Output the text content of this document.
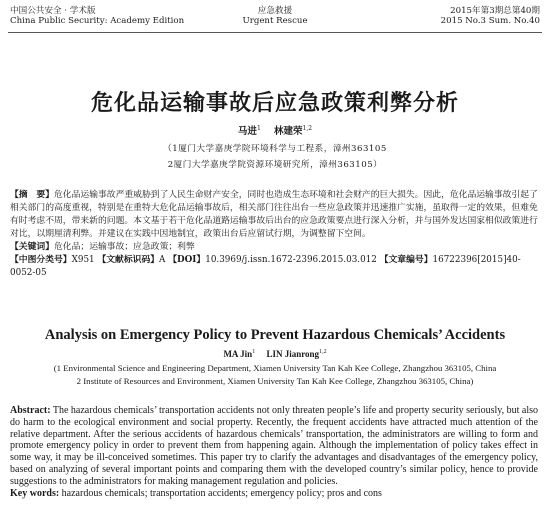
中国公共安全 · 学术版
China Public Security: Academy Edition
应急救援
Urgent Rescue
2015年第3期总第40期
2015 No.3 Sum. No.40
危化品运输事故后应急政策利弊分析
马进$^1$ 林建荣$^{1,2}$
（1厦门大学嘉庚学院环境科学与工程系，漳州363105
2厦门大学嘉庚学院资源环境研究所，漳州363105）

【摘　要】危化品运输事故严重威胁到了人民生命财产安全，同时也造成生态环境和社会财产的巨大损失。因此，危化品运输事故引起了相关部门的高度重视，特别是在重特大危化品运输事故后，相关部门往往出台一些应急政策并迅速推广实施，虽取得一定的效果，但难免有时考虑不周，带来新的问题。本文基于若干危化品道路运输事故后出台的应急政策要点进行深入分析，并与国外发达国家相似政策进行对比，以期厘清利弊。并建议在实践中因地制宜，政策出台后应留试行期，为调整留下空间。

【关键词】危化品；运输事故；应急政策；利弊

【中图分类号】X951 【文献标识码】A 【DOI】10.3969/j.issn.1672-2396.2015.03.012 【文章编号】16722396[2015]40-0052-05

Analysis on Emergency Policy to Prevent Hazardous Chemicals’ Accidents
MA Jin$^1$ LIN Jianrong$^{1,2}$
(1 Environmental Science and Engineering Department, Xiamen University Tan Kah Kee College, Zhangzhou 363105, China
2 Institute of Resources and Environment, Xiamen University Tan Kah Kee College, Zhangzhou 363105, China)

Abstract: The hazardous chemicals’ transportation accidents not only threaten people’s life and property security seriously, but also do harm to the ecological environment and social property. Recently, the frequent accidents have attracted much attention of the relative department. After the serious accidents of hazardous chemicals’ transportation, the administrators are willing to form and promote emergency policy in order to prevent them from happening again. Although the implementation of policy takes effect in some way, it may be ill-conceived sometimes. This paper try to clarify the advantages and disadvantages of the emergency policy, based on analyzing of several important points and comparing them with the developed country’s similar policy, hence to provide suggestions to the administrators for making management regulation and policies.

Key words: hazardous chemicals; transportation accidents; emergency policy; pros and cons
